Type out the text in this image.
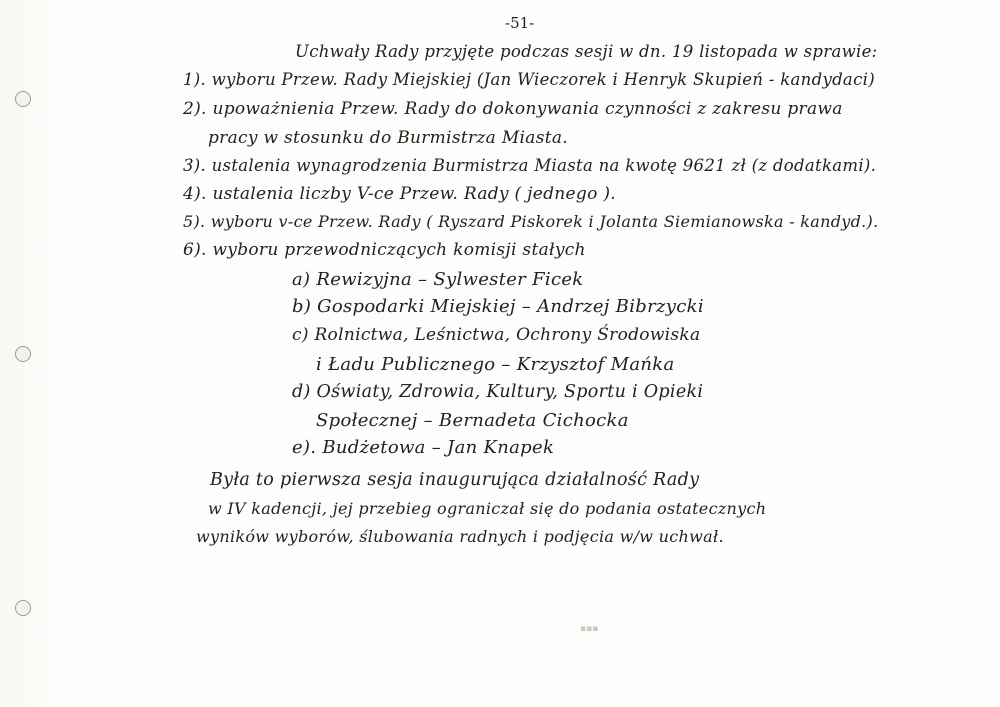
-51-
Uchwały Rady przyjęte podczas sesji w dn. 19 listopada w sprawie:
1). wyboru Przew. Rady Miejskiej (Jan Wieczorek i Henryk Skupień - kandydaci)
2). upoważnienia Przew. Rady do dokonywania czynności z zakresu prawa
pracy w stosunku do Burmistrza Miasta.
3). ustalenia wynagrodzenia Burmistrza Miasta na kwotę 9621 zł (z dodatkami).
4). ustalenia liczby V-ce Przew. Rady ( jednego ).
5). wyboru v-ce Przew. Rady ( Ryszard Piskorek i Jolanta Siemianowska - kandyd.).
6). wyboru przewodniczących komisji stałych
a) Rewizyjna – Sylwester Ficek
b) Gospodarki Miejskiej – Andrzej Bibrzycki
c) Rolnictwa, Leśnictwa, Ochrony Środowiska
i Ładu Publicznego – Krzysztof Mańka
d) Oświaty, Zdrowia, Kultury, Sportu i Opieki
Społecznej – Bernadeta Cichocka
e). Budżetowa – Jan Knapek
Była to pierwsza sesja inaugurująca działalność Rady
w IV kadencji, jej przebieg ograniczał się do podania ostatecznych
wyników wyborów, ślubowania radnych i podjęcia w/w uchwał.
▪▪▪
